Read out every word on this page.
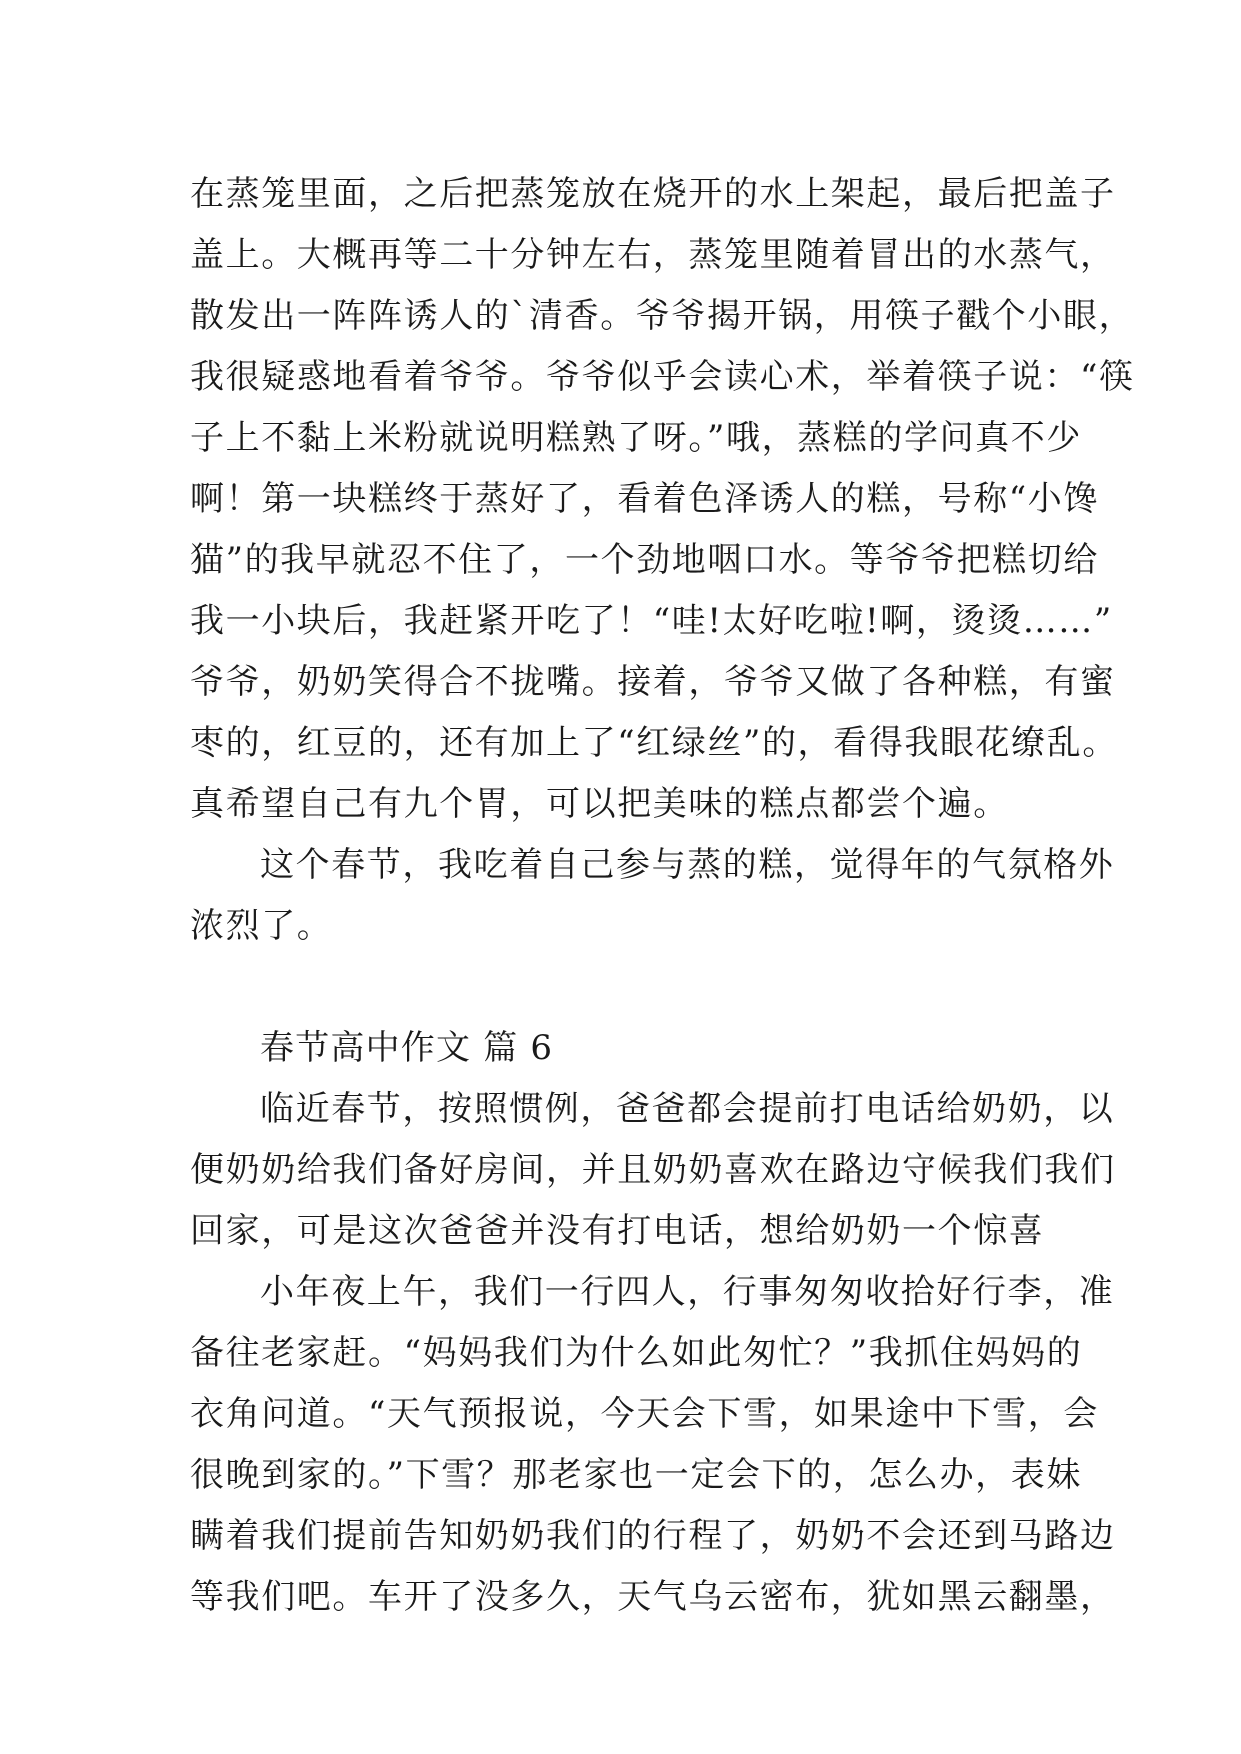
在蒸笼里面，之后把蒸笼放在烧开的水上架起，最后把盖子
盖上。大概再等二十分钟左右，蒸笼里随着冒出的水蒸气，
散发出一阵阵诱人的`清香。爷爷揭开锅，用筷子戳个小眼，
我很疑惑地看着爷爷。爷爷似乎会读心术，举着筷子说：“筷
子上不黏上米粉就说明糕熟了呀。”哦，蒸糕的学问真不少
啊！第一块糕终于蒸好了，看着色泽诱人的糕，号称“小馋
猫”的我早就忍不住了，一个劲地咽口水。等爷爷把糕切给
我一小块后，我赶紧开吃了！“哇!太好吃啦!啊，烫烫……”
爷爷，奶奶笑得合不拢嘴。接着，爷爷又做了各种糕，有蜜
枣的，红豆的，还有加上了“红绿丝”的，看得我眼花缭乱。
真希望自己有九个胃，可以把美味的糕点都尝个遍。
这个春节，我吃着自己参与蒸的糕，觉得年的气氛格外
浓烈了。
春节高中作文 篇 6
临近春节，按照惯例，爸爸都会提前打电话给奶奶，以
便奶奶给我们备好房间，并且奶奶喜欢在路边守候我们我们
回家，可是这次爸爸并没有打电话，想给奶奶一个惊喜
小年夜上午，我们一行四人，行事匆匆收拾好行李，准
备往老家赶。“妈妈我们为什么如此匆忙？”我抓住妈妈的
衣角问道。“天气预报说，今天会下雪，如果途中下雪，会
很晚到家的。”下雪？那老家也一定会下的，怎么办，表妹
瞒着我们提前告知奶奶我们的行程了，奶奶不会还到马路边
等我们吧。车开了没多久，天气乌云密布，犹如黑云翻墨，
